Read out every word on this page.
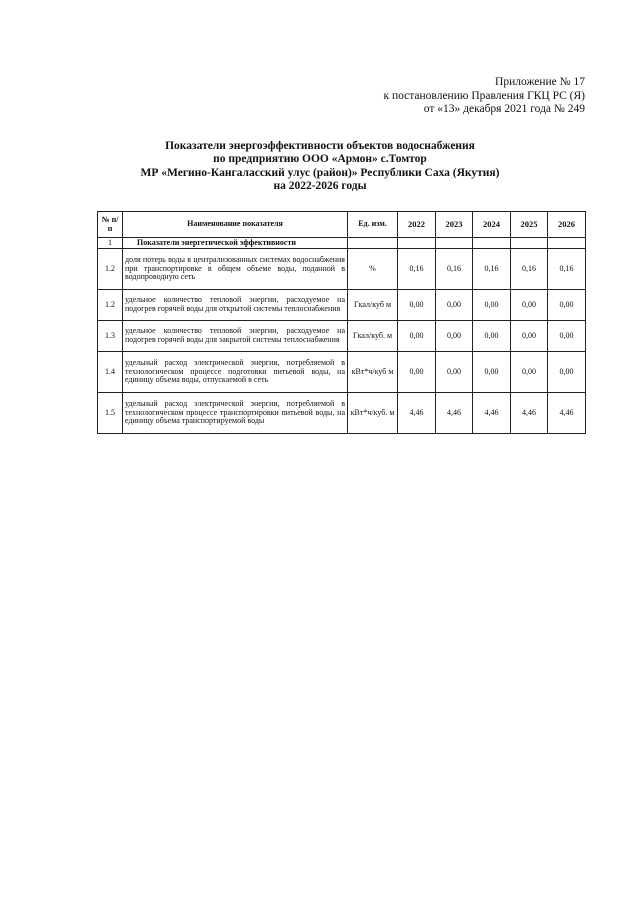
Приложение № 17
к постановлению Правления ГКЦ РС (Я)
от «13» декабря 2021 года № 249
Показатели энергоэффективности объектов водоснабжения
по предприятию ООО «Армон» с.Томтор
МР «Мегино-Кангаласский улус (район)» Республики Саха (Якутия)
на 2022-2026 годы
№ п/п	Наименование показателя	Ед. изм.	2022	2023	2024	2025	2026
1	Показатели энергетической эффективности						
1.2	доля потерь воды в централизованных системах водоснабжения при транспортировке в общем объеме воды, поданной в водопроводную сеть	%	0,16	0,16	0,16	0,16	0,16
1.2	удельное количество тепловой энергии, расходуемое на подогрев горячей воды для открытой системы теплоснабжения	Гкал/куб м	0,00	0,00	0,00	0,00	0,00
1.3	удельное количество тепловой энергии, расходуемое на подогрев горячей воды для закрытой системы теплоснабжения	Гкал/куб. м	0,00	0,00	0,00	0,00	0,00
1.4	удельный расход электрической энергии, потребляемой в технологическом процессе подготовки питьевой воды, на единицу объема воды, отпускаемой в сеть	кВт*ч/куб м	0,00	0,00	0,00	0,00	0,00
1.5	удельный расход электрической энергии, потребляемой в технологическом процессе транспортировки питьевой воды, на единицу объема транспортируемой воды	кВт*ч/куб. м	4,46	4,46	4,46	4,46	4,46
